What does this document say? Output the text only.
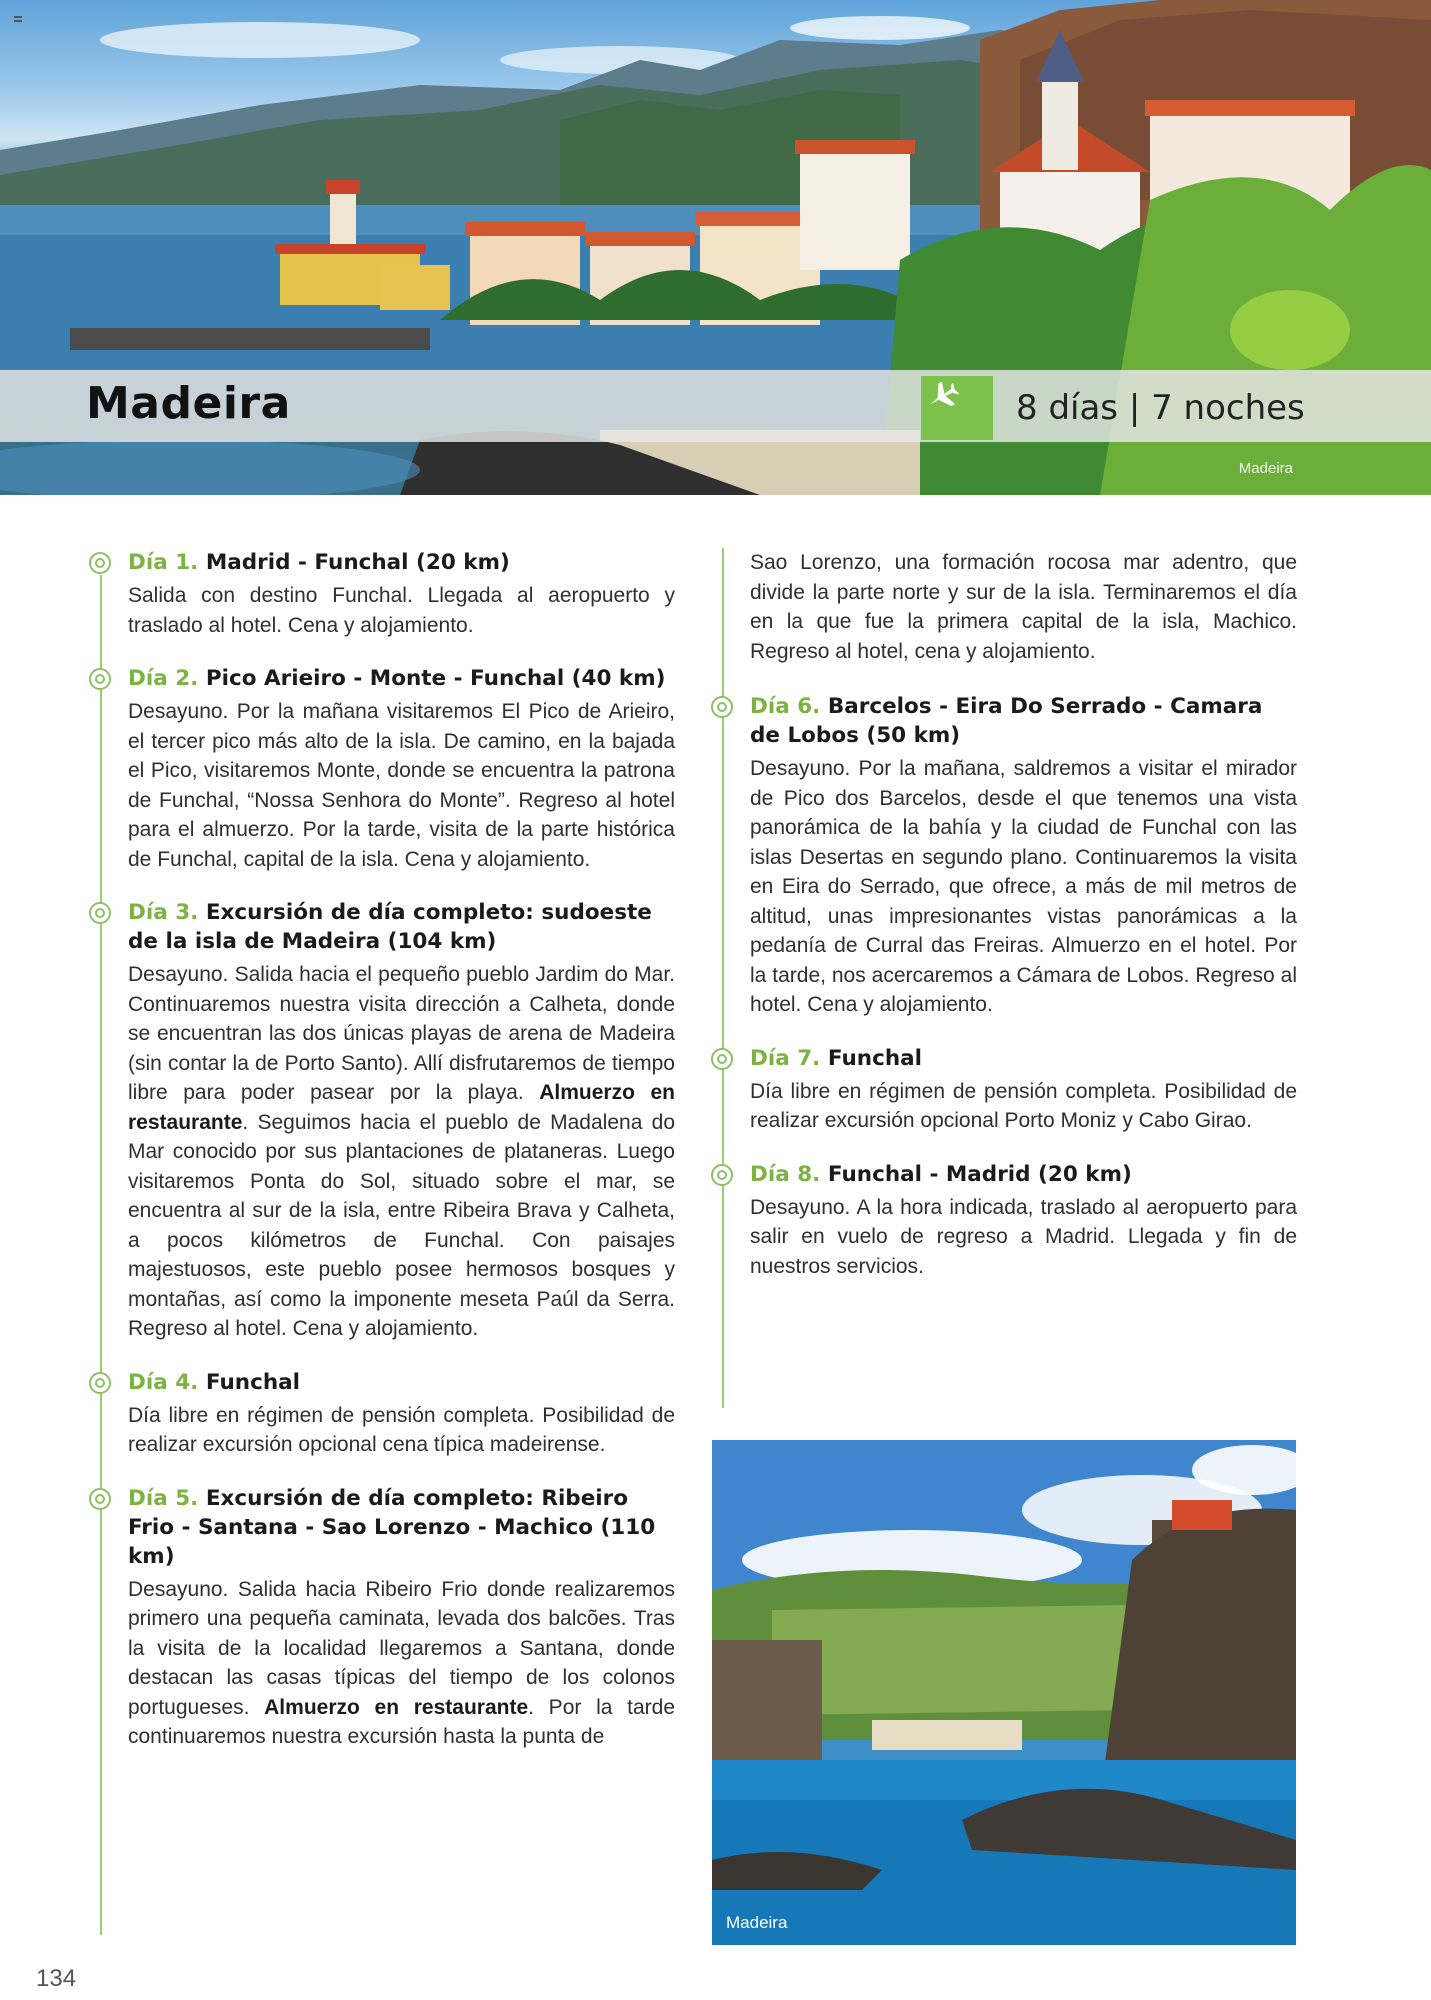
Madeira	8 días | 7 noches
Madeira
Día 1. Madrid - Funchal (20 km)

Salida con destino Funchal. Llegada al aeropuerto y traslado al hotel. Cena y alojamiento.

Día 2. Pico Arieiro - Monte - Funchal (40 km)

Desayuno. Por la mañana visitaremos El Pico de Arieiro, el tercer pico más alto de la isla. De camino, en la bajada el Pico, visitaremos Monte, donde se encuentra la patrona de Funchal, “Nossa Senhora do Monte”. Regreso al hotel para el almuerzo. Por la tarde, visita de la parte histórica de Funchal, capital de la isla. Cena y alojamiento.

Día 3. Excursión de día completo: sudoeste de la isla de Madeira (104 km)

Desayuno. Salida hacia el pequeño pueblo Jardim do Mar. Continuaremos nuestra visita dirección a Calheta, donde se encuentran las dos únicas playas de arena de Madeira (sin contar la de Porto Santo). Allí disfrutaremos de tiempo libre para poder pasear por la playa. Almuerzo en restaurante. Seguimos hacia el pueblo de Madalena do Mar conocido por sus plantaciones de plataneras. Luego visitaremos Ponta do Sol, situado sobre el mar, se encuentra al sur de la isla, entre Ribeira Brava y Calheta, a pocos kilómetros de Funchal. Con paisajes majestuosos, este pueblo posee hermosos bosques y montañas, así como la imponente meseta Paúl da Serra. Regreso al hotel. Cena y alojamiento.

Día 4. Funchal

Día libre en régimen de pensión completa. Posibilidad de realizar excursión opcional cena típica madeirense.

Día 5. Excursión de día completo: Ribeiro Frio - Santana - Sao Lorenzo - Machico (110 km)

Desayuno. Salida hacia Ribeiro Frio donde realizaremos primero una pequeña caminata, levada dos balcões. Tras la visita de la localidad llegaremos a Santana, donde destacan las casas típicas del tiempo de los colonos portugueses. Almuerzo en restaurante. Por la tarde continuaremos nuestra excursión hasta la punta de

Sao Lorenzo, una formación rocosa mar adentro, que divide la parte norte y sur de la isla. Terminaremos el día en la que fue la primera capital de la isla, Machico. Regreso al hotel, cena y alojamiento.

Día 6. Barcelos - Eira Do Serrado - Camara de Lobos (50 km)

Desayuno. Por la mañana, saldremos a visitar el mirador de Pico dos Barcelos, desde el que tenemos una vista panorámica de la bahía y la ciudad de Funchal con las islas Desertas en segundo plano. Continuaremos la visita en Eira do Serrado, que ofrece, a más de mil metros de altitud, unas impresionantes vistas panorámicas a la pedanía de Curral das Freiras. Almuerzo en el hotel. Por la tarde, nos acercaremos a Cámara de Lobos. Regreso al hotel. Cena y alojamiento.

Día 7. Funchal

Día libre en régimen de pensión completa. Posibilidad de realizar excursión opcional Porto Moniz y Cabo Girao.

Día 8. Funchal - Madrid (20 km)

Desayuno. A la hora indicada, traslado al aeropuerto para salir en vuelo de regreso a Madrid. Llegada y fin de nuestros servicios.

Madeira
134
